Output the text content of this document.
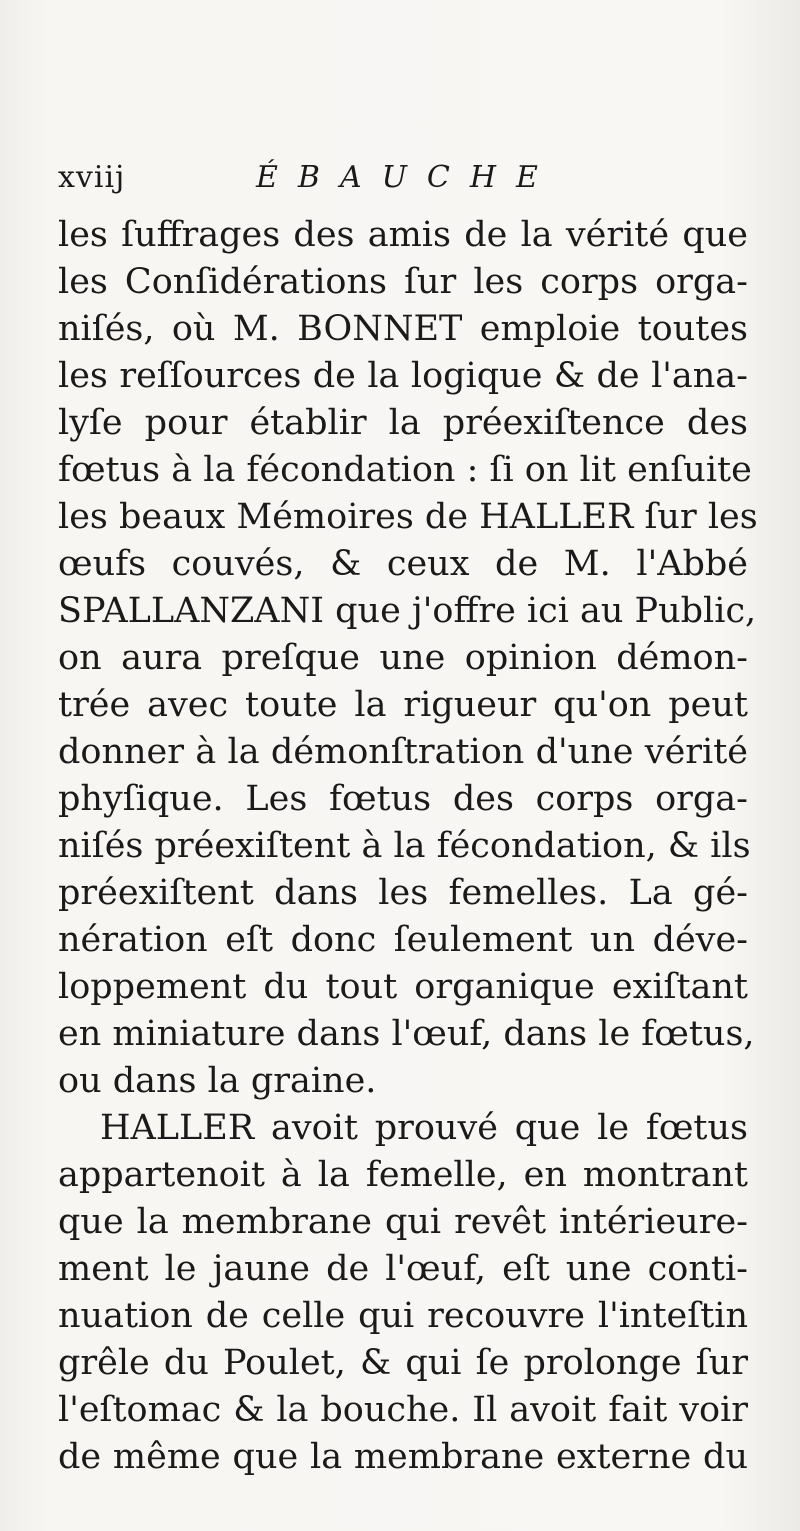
xviij	ÉBAUCHE
les ſuffrages des amis de la vérité que
les Conſidérations ſur les corps orga-
niſés, où M. BONNET emploie toutes
les reſſources de la logique & de l'ana-
lyſe pour établir la préexiſtence des
fœtus à la fécondation : ſi on lit enſuite
les beaux Mémoires de HALLER ſur les
œufs couvés, & ceux de M. l'Abbé
SPALLANZANI que j'offre ici au Public,
on aura preſque une opinion démon-
trée avec toute la rigueur qu'on peut
donner à la démonſtration d'une vérité
phyſique. Les fœtus des corps orga-
niſés préexiſtent à la fécondation, & ils
préexiſtent dans les femelles. La gé-
nération eſt donc ſeulement un déve-
loppement du tout organique exiſtant
en miniature dans l'œuf, dans le fœtus,
ou dans la graine.
HALLER avoit prouvé que le fœtus
appartenoit à la femelle, en montrant
que la membrane qui revêt intérieure-
ment le jaune de l'œuf, eſt une conti-
nuation de celle qui recouvre l'inteſtin
grêle du Poulet, & qui ſe prolonge ſur
l'eſtomac & la bouche. Il avoit fait voir
de même que la membrane externe du
